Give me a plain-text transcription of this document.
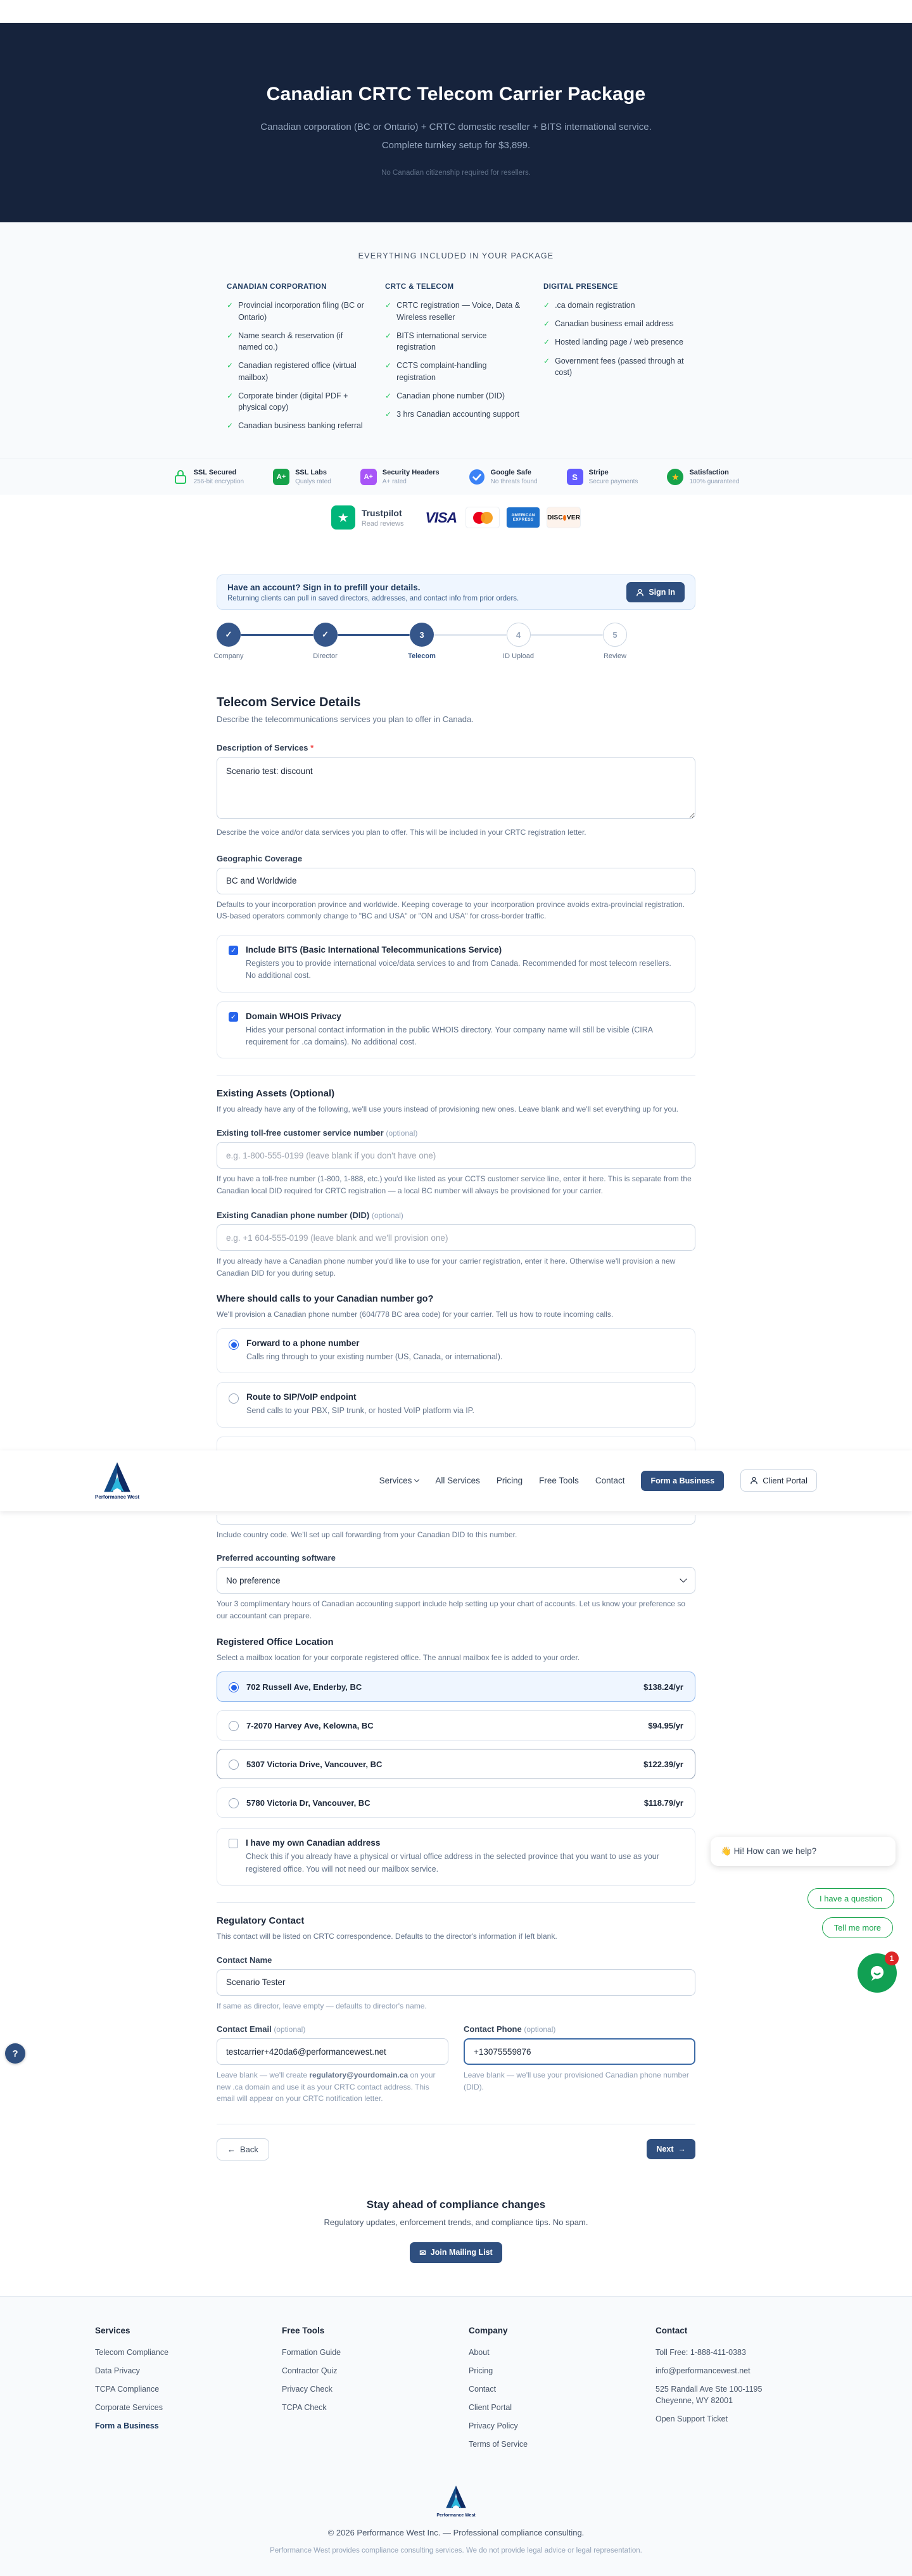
Canadian CRTC Telecom Carrier Package
Canadian corporation (BC or Ontario) + CRTC domestic reseller + BITS international service. Complete turnkey setup for $3,899.
No Canadian citizenship required for resellers.
EVERYTHING INCLUDED IN YOUR PACKAGE
CANADIAN CORPORATION
✓
Provincial incorporation filing (BC or Ontario)
✓
Name search & reservation (if named co.)
✓
Canadian registered office (virtual mailbox)
✓
Corporate binder (digital PDF + physical copy)
✓
Canadian business banking referral
CRTC & TELECOM
✓
CRTC registration — Voice, Data & Wireless reseller
✓
BITS international service registration
✓
CCTS complaint-handling registration
✓
Canadian phone number (DID)
✓
3 hrs Canadian accounting support
DIGITAL PRESENCE
✓
.ca domain registration
✓
Canadian business email address
✓
Hosted landing page / web presence
✓
Government fees (passed through at cost)
SSL Secured
256-bit encryption
A+
SSL Labs
Qualys rated
A+
Security Headers
A+ rated
Google Safe
No threats found	S	Stripe
Secure payments	★ Satisfaction
100% guaranteed
★	Trustpilot
Read reviews VISA	AMERICAN
EXPRESS DISC VER
Have an account? Sign in to prefill your details.
Returning clients can pull in saved directors, addresses, and contact info from prior orders.
Sign In
✓
Company
✓
Director
3
Telecom
4
ID Upload
5
Review
Telecom Service Details
Describe the telecommunications services you plan to offer in Canada.
Description of Services *
Scenario test: discount
Describe the voice and/or data services you plan to offer. This will be included in your CRTC registration letter.
Geographic Coverage
BC and Worldwide
Defaults to your incorporation province and worldwide. Keeping coverage to your incorporation province avoids extra-provincial registration. US-based operators commonly change to "BC and USA" or "ON and USA" for cross-border traffic.
✓ Include BITS (Basic International Telecommunications Service)
Registers you to provide international voice/data services to and from Canada. Recommended for most telecom resellers. No additional cost.
✓ Domain WHOIS Privacy
Hides your personal contact information in the public WHOIS directory. Your company name will still be visible (CIRA requirement for .ca domains). No additional cost.
Existing Assets (Optional)
If you already have any of the following, we'll use yours instead of provisioning new ones. Leave blank and we'll set everything up for you.
Existing toll-free customer service number (optional)
e.g. 1-800-555-0199 (leave blank if you don't have one)
If you have a toll-free number (1-800, 1-888, etc.) you'd like listed as your CCTS customer service line, enter it here. This is separate from the Canadian local DID required for CRTC registration — a local BC number will always be provisioned for your carrier.
Existing Canadian phone number (DID) (optional)
e.g. +1 604-555-0199 (leave blank and we'll provision one)
If you already have a Canadian phone number you'd like to use for your carrier registration, enter it here. Otherwise we'll provision a new Canadian DID for you during setup.
Where should calls to your Canadian number go?
We'll provision a Canadian phone number (604/778 BC area code) for your carrier. Tell us how to route incoming calls.
Forward to a phone number
Calls ring through to your existing number (US, Canada, or international).
Route to SIP/VoIP endpoint
Send calls to your PBX, SIP trunk, or hosted VoIP platform via IP.
Performance West
Services	All Services Pricing Free Tools Contact	Form a Business	Client Portal
Include country code. We'll set up call forwarding from your Canadian DID to this number.
Preferred accounting software
No preference
Your 3 complimentary hours of Canadian accounting support include help setting up your chart of accounts. Let us know your preference so our accountant can prepare.
Registered Office Location
Select a mailbox location for your corporate registered office. The annual mailbox fee is added to your order.
702 Russell Ave, Enderby, BC	$138.24/yr
7-2070 Harvey Ave, Kelowna, BC	$94.95/yr
5307 Victoria Drive, Vancouver, BC	$122.39/yr
5780 Victoria Dr, Vancouver, BC	$118.79/yr
I have my own Canadian address
Check this if you already have a physical or virtual office address in the selected province that you want to use as your registered office. You will not need our mailbox service.
Regulatory Contact
This contact will be listed on CRTC correspondence. Defaults to the director's information if left blank.
Contact Name
Scenario Tester
If same as director, leave empty — defaults to director's name.
Contact Email (optional)
testcarrier+420da6@performancewest.net
Leave blank — we'll create regulatory@yourdomain.ca on your new .ca domain and use it as your CRTC contact address. This email will appear on your CRTC notification letter.
Contact Phone (optional)
+13075559876
Leave blank — we'll use your provisioned Canadian phone number (DID).
←
Back	Next
→
Stay ahead of compliance changes
Regulatory updates, enforcement trends, and compliance tips. No spam.
✉
Join Mailing List
Services
Telecom Compliance
Data Privacy
TCPA Compliance
Corporate Services
Form a Business
Free Tools
Formation Guide
Contractor Quiz
Privacy Check
TCPA Check
Company
About
Pricing
Contact
Client Portal
Privacy Policy
Terms of Service
Contact
Toll Free: 1-888-411-0383
info@performancewest.net
525 Randall Ave Ste 100-1195
Cheyenne, WY 82001
Open Support Ticket
Performance West
© 2026 Performance West Inc. — Professional compliance consulting.
Performance West provides compliance consulting services. We do not provide legal advice or legal representation.
👋 Hi! How can we help?
I have a question
Tell me more
1
?
